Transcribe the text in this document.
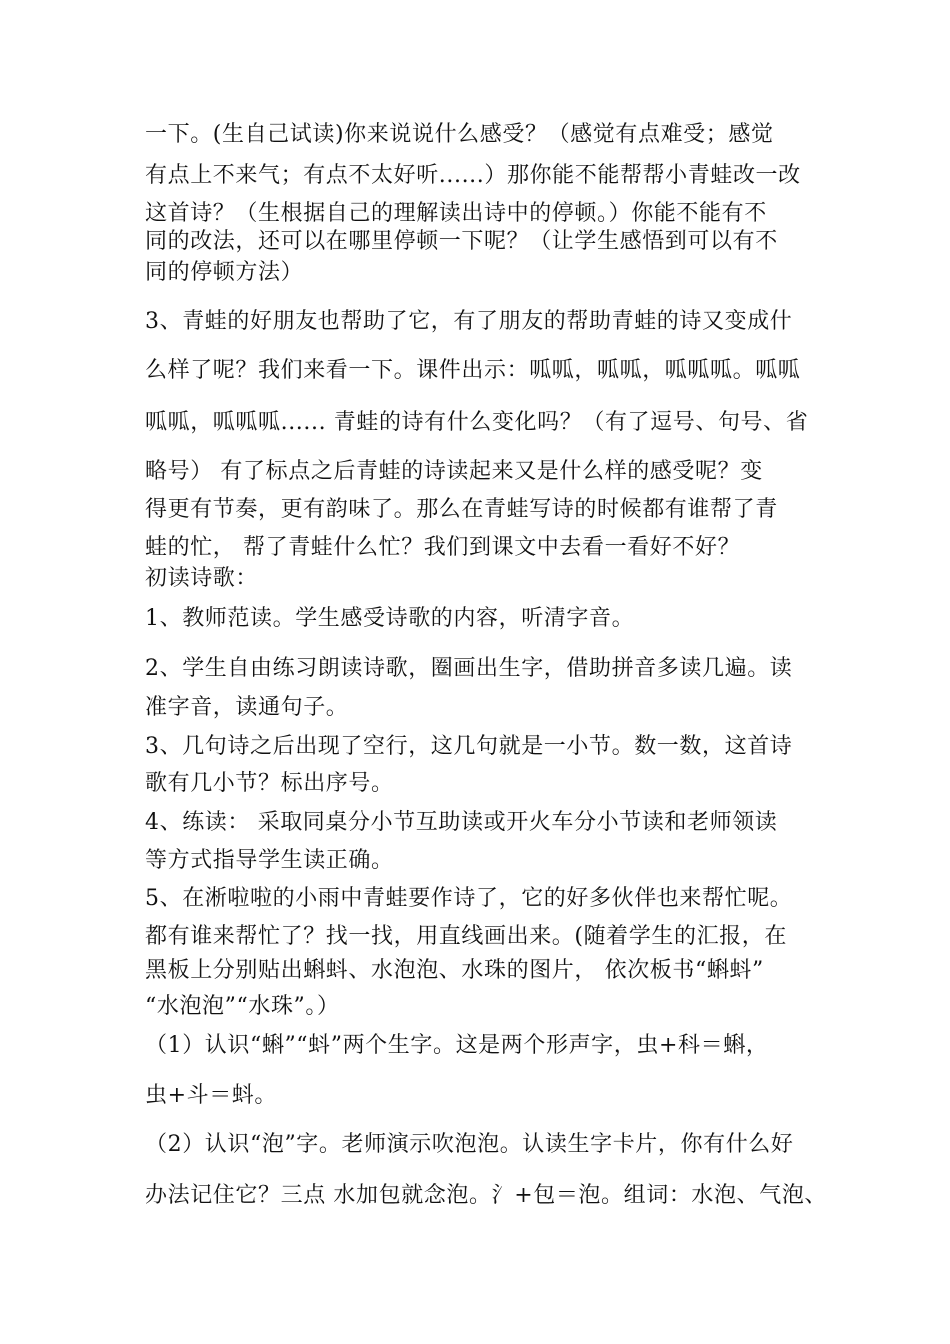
一下。(生自己试读)你来说说什么感受？（感觉有点难受；感觉

有点上不来气；有点不太好听......）那你能不能帮帮小青蛙改一改

这首诗？（生根据自己的理解读出诗中的停顿。）你能不能有不

同的改法，还可以在哪里停顿一下呢？（让学生感悟到可以有不

同的停顿方法）

3、青蛙的好朋友也帮助了它，有了朋友的帮助青蛙的诗又变成什

么样了呢？我们来看一下。课件出示：呱呱，呱呱，呱呱呱。呱呱

呱呱，呱呱呱...... 青蛙的诗有什么变化吗？（有了逗号、句号、省

略号） 有了标点之后青蛙的诗读起来又是什么样的感受呢？变

得更有节奏，更有韵味了。那么在青蛙写诗的时候都有谁帮了青

蛙的忙， 帮了青蛙什么忙？我们到课文中去看一看好不好？

初读诗歌：

1、教师范读。学生感受诗歌的内容，听清字音。

2、学生自由练习朗读诗歌，圈画出生字，借助拼音多读几遍。读

准字音，读通句子。

3、几句诗之后出现了空行，这几句就是一小节。数一数，这首诗

歌有几小节？标出序号。

4、练读： 采取同桌分小节互助读或开火车分小节读和老师领读

等方式指导学生读正确。

5、在淅啦啦的小雨中青蛙要作诗了，它的好多伙伴也来帮忙呢。

都有谁来帮忙了？找一找，用直线画出来。(随着学生的汇报，在

黑板上分别贴出蝌蚪、水泡泡、水珠的图片， 依次板书“蝌蚪”

“水泡泡”“水珠”。）

（1）认识“蝌”“蚪”两个生字。这是两个形声字，虫+科＝蝌，

虫+斗＝蚪。

（2）认识“泡”字。老师演示吹泡泡。认读生字卡片，你有什么好

办法记住它？三点 水加包就念泡。氵+包＝泡。组词：水泡、气泡、
